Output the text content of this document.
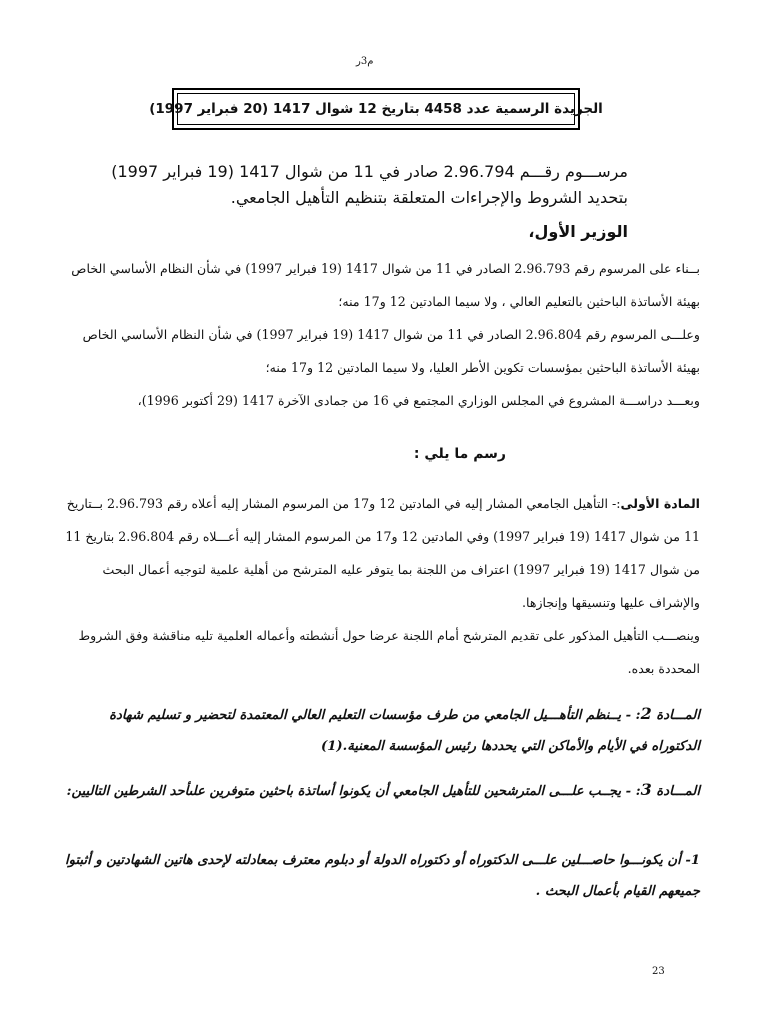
م3ر
الجريدة الرسمية عدد 4458 بتاريخ 12 شوال 1417 (20 فبراير 1997)
مرســـوم رقـــم 2.96.794 صادر في 11 من شوال 1417 (19 فبراير 1997)
بتحديد الشروط والإجراءات المتعلقة بتنظيم التأهيل الجامعي.
الوزير الأول،
بــناء على المرسوم رقم 2.96.793 الصادر في 11 من شوال 1417 (19 فبراير 1997) في شأن النظام الأساسي الخاص بهيئة الأساتذة الباحثين بالتعليم العالي ، ولا سيما المادتين 12 و17 منه؛
وعلـــى المرسوم رقم 2.96.804 الصادر في 11 من شوال 1417 (19 فبراير 1997) في شأن النظام الأساسي الخاص بهيئة الأساتذة الباحثين بمؤسسات تكوين الأطر العليا، ولا سيما المادتين 12 و17 منه؛
وبعـــد دراســـة المشروع في المجلس الوزاري المجتمع في 16 من جمادى الآخرة 1417 (29 أكتوبر 1996)،
رسم ما يلي :
المادة الأولى:- التأهيل الجامعي المشار إليه في المادتين 12 و17 من المرسوم المشار إليه أعلاه رقم 2.96.793 بــتاريخ 11 من شوال 1417 (19 فبراير 1997) وفي المادتين 12 و17 من المرسوم المشار إليه أعـــلاه رقم 2.96.804 بتاريخ 11 من شوال 1417 (19 فبراير 1997) اعتراف من اللجنة بما يتوفر عليه المترشح من أهلية علمية لتوجيه أعمال البحث والإشراف عليها وتنسيقها وإنجازها.
وينصـــب التأهيل المذكور على تقديم المترشح أمام اللجنة عرضا حول أنشطته وأعماله العلمية تليه مناقشة وفق الشروط المحددة بعده.
المـــادة 2: - يــنظم التأهـــيل الجامعي من طرف مؤسسات التعليم العالي المعتمدة لتحضير و تسليم شهادة الدكتوراه في الأيام والأماكن التي يحددها رئيس المؤسسة المعنية.(1)
المـــادة 3: - يجــب علـــى المترشحين للتأهيل الجامعي أن يكونوا أساتذة باحثين متوفرين علىأحد الشرطين التاليين:
1- أن يكونـــوا حاصـــلين علـــى الدكتوراه أو دكتوراه الدولة أو دبلوم معترف بمعادلته لإحدى هاتين الشهادتين و أثبتوا جميعهم القيام بأعمال البحث .
23
